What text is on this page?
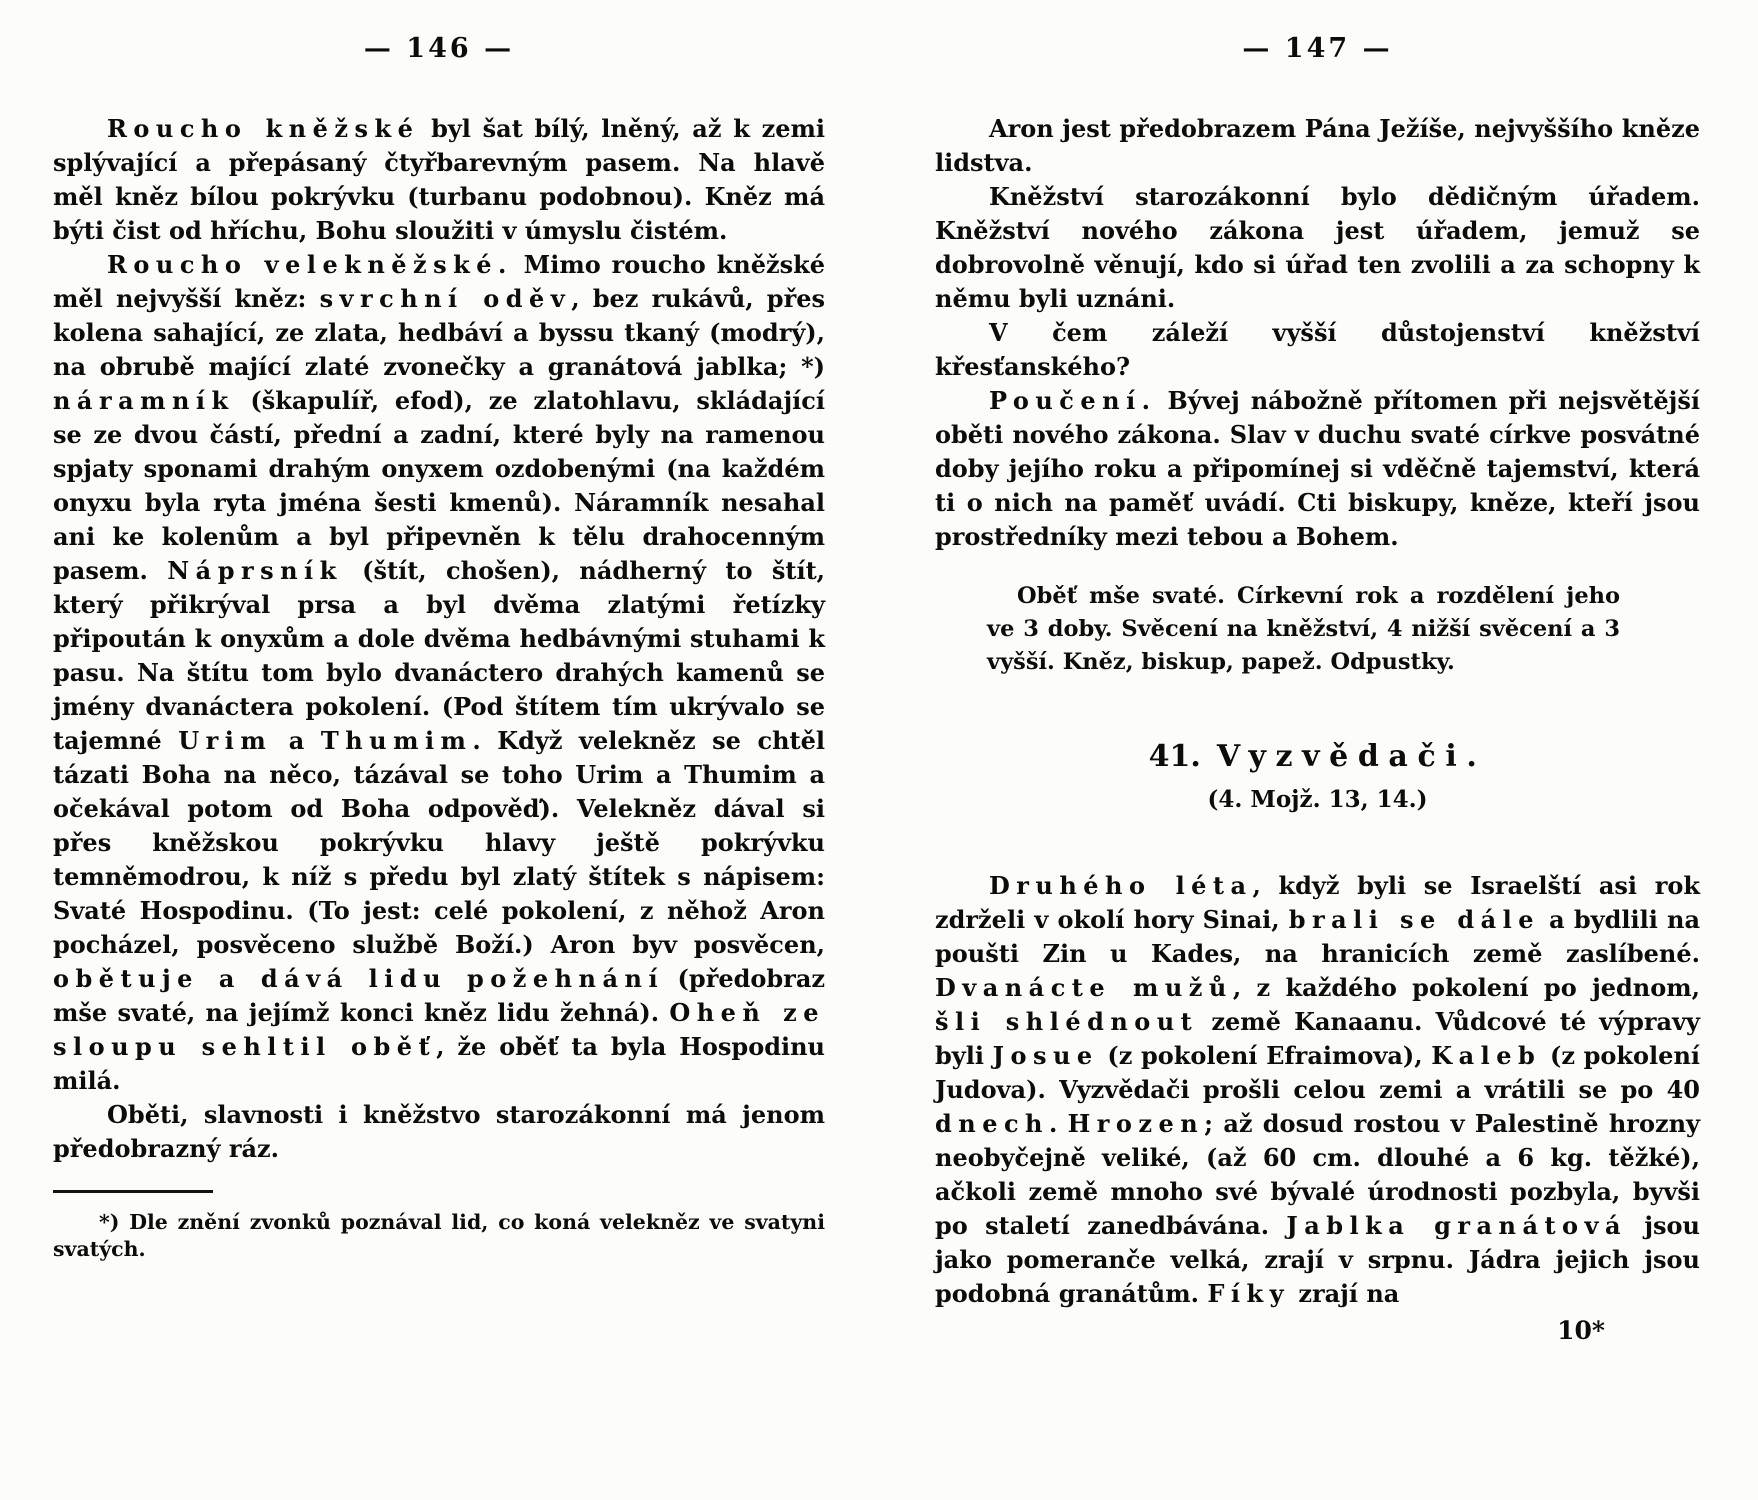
— 146 —

Roucho kněžské byl šat bílý, lněný, až k zemi splývající a přepásaný čtyřbarevným pasem. Na hlavě měl kněz bílou pokrývku (turbanu podobnou). Kněz má býti čist od hříchu, Bohu sloužiti v úmyslu čistém.

Roucho velekněžské. Mimo roucho kněžské měl nejvyšší kněz: svrchní oděv, bez rukávů, přes kolena sahající, ze zlata, hedbáví a byssu tkaný (modrý), na obrubě mající zlaté zvonečky a granátová jablka; *) náramník (škapulíř, efod), ze zlatohlavu, skládající se ze dvou částí, přední a zadní, které byly na ramenou spjaty sponami drahým onyxem ozdobenými (na každém onyxu byla ryta jména šesti kmenů). Náramník nesahal ani ke kolenům a byl připevněn k tělu drahocenným pasem. Náprsník (štít, chošen), nádherný to štít, který přikrýval prsa a byl dvěma zlatými řetízky připoután k onyxům a dole dvěma hedbávnými stuhami k pasu. Na štítu tom bylo dvanáctero drahých kamenů se jmény dvanáctera pokolení. (Pod štítem tím ukrývalo se tajemné Urim a Thumim. Když velekněz se chtěl tázati Boha na něco, tázával se toho Urim a Thumim a očekával potom od Boha odpověď). Velekněz dával si přes kněžskou pokrývku hlavy ještě pokrývku temněmodrou, k níž s předu byl zlatý štítek s nápisem: Svaté Hospodinu. (To jest: celé pokolení, z něhož Aron pocházel, posvěceno službě Boží.) Aron byv posvěcen, obětuje a dává lidu požehnání (předobraz mše svaté, na jejímž konci kněz lidu žehná). Oheň ze sloupu sehltil oběť, že oběť ta byla Hospodinu milá.

Oběti, slavnosti i kněžstvo starozákonní má jenom předobrazný ráz.

*) Dle znění zvonků poznával lid, co koná velekněz ve svatyni svatých.
— 147 —

Aron jest předobrazem Pána Ježíše, nejvyššího kněze lidstva.

Kněžství starozákonní bylo dědičným úřadem. Kněžství nového zákona jest úřadem, jemuž se dobrovolně věnují, kdo si úřad ten zvolili a za schopny k němu byli uznáni.

V čem záleží vyšší důstojenství kněžství křesťanského?

Poučení. Bývej nábožně přítomen při nejsvětější oběti nového zákona. Slav v duchu svaté církve posvátné doby jejího roku a připomínej si vděčně tajemství, která ti o nich na paměť uvádí. Cti biskupy, kněze, kteří jsou prostředníky mezi tebou a Bohem.

Oběť mše svaté. Církevní rok a rozdělení jeho ve 3 doby. Svěcení na kněžství, 4 nižší svěcení a 3 vyšší. Kněz, biskup, papež. Odpustky.

41. Vyzvědači.
(4. Mojž. 13, 14.)

Druhého léta, když byli se Israelští asi rok zdrželi v okolí hory Sinai, brali se dále a bydlili na poušti Zin u Kades, na hranicích země zaslíbené. Dvanácte mužů, z každého pokolení po jednom, šli shlédnout země Kanaanu. Vůdcové té výpravy byli Josue (z pokolení Efraimova), Kaleb (z pokolení Judova). Vyzvědači prošli celou zemi a vrátili se po 40 dnech. Hrozen; až dosud rostou v Palestině hrozny neobyčejně veliké, (až 60 cm. dlouhé a 6 kg. těžké), ačkoli země mnoho své bývalé úrodnosti pozbyla, byvši po staletí zanedbávána. Jablka granátová jsou jako pomeranče velká, zrají v srpnu. Jádra jejich jsou podobná granátům. Fíky zrají na

10*
